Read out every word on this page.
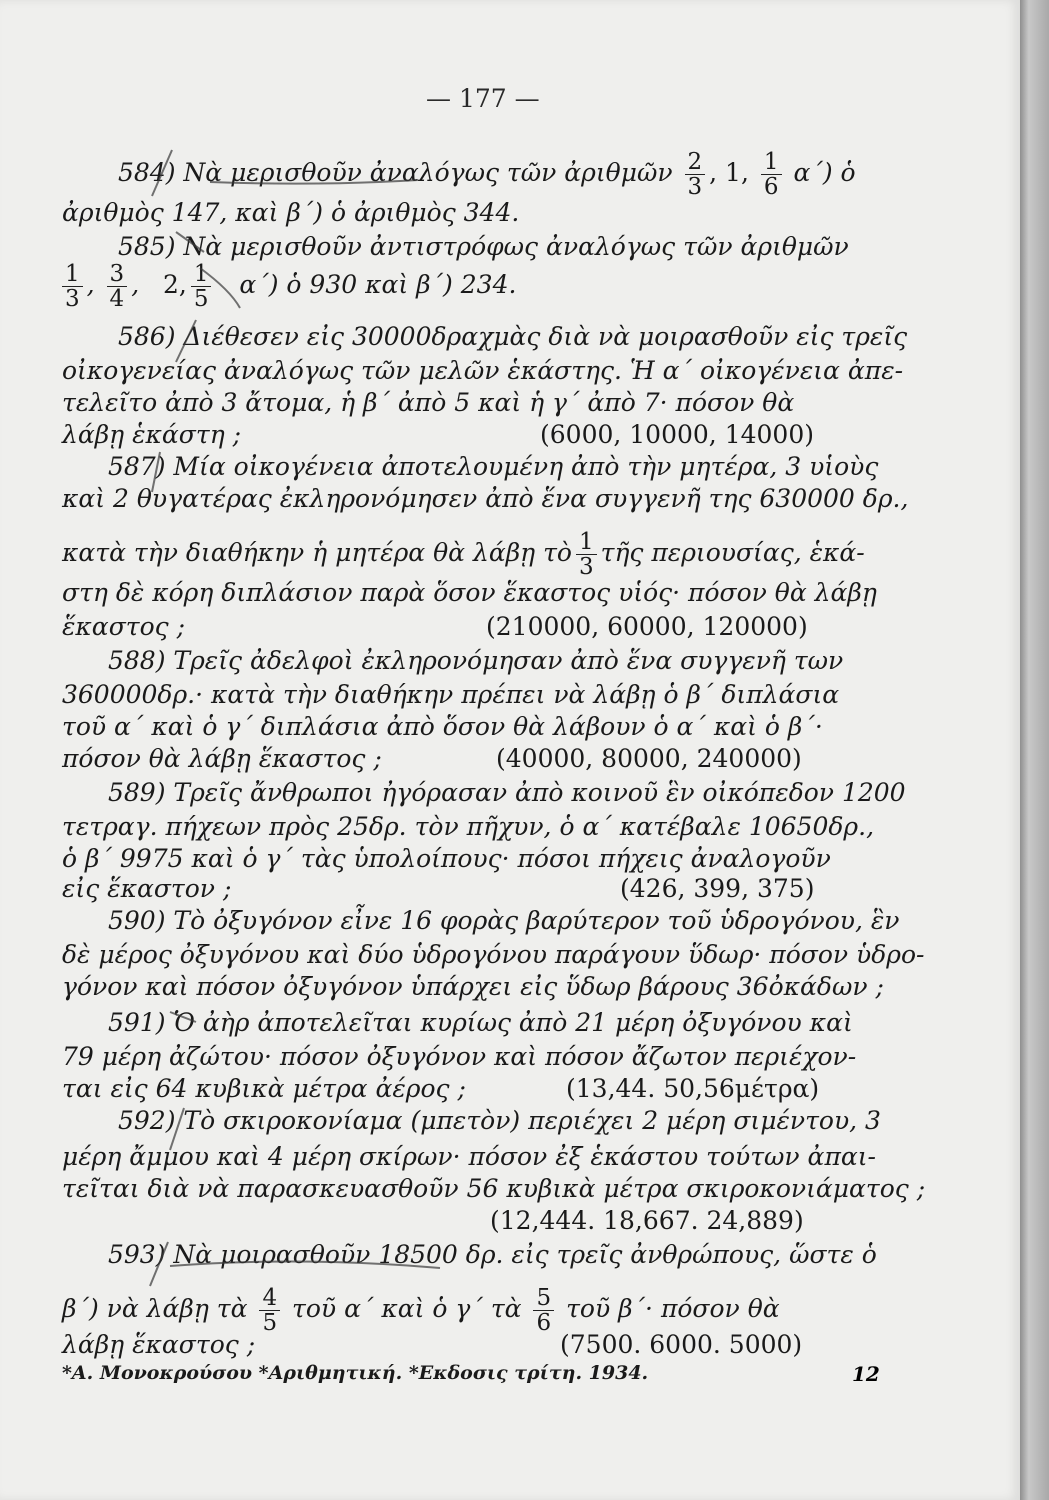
— 177 —
584) Νὰ μερισθοῦν ἀναλόγως τῶν ἀριθμῶν $\frac{2}{3}$ , 1, $\frac{1}{6} \alpha΄$) ὁ
ἀριθμὸς 147, καὶ β΄) ὁ ἀριθμὸς 344.
585) Νὰ μερισθοῦν ἀντιστρόφως ἀναλόγως τῶν ἀριθμῶν
$\frac{1}{3}$ , $\frac{3}{4}$ ,   2, $\frac{1}{5} \alpha΄$) ὁ 930 καὶ β΄) 234.
586) Διέθεσεν εἰς 30000δραχμὰς διὰ νὰ μοιρασθοῦν εἰς τρεῖς
οἰκογενείας ἀναλόγως τῶν μελῶν ἑκάστης. Ἡ α΄ οἰκογένεια ἀπε-
τελεῖτο ἀπὸ 3 ἄτομα, ἡ β΄ ἀπὸ 5 καὶ ἡ γ΄ ἀπὸ 7· πόσον θὰ
λάβῃ ἑκάστη ;	(6000, 10000, 14000)
587) Μία οἰκογένεια ἀποτελουμένη ἀπὸ τὴν μητέρα, 3 υἱοὺς
καὶ 2 θυγατέρας ἐκληρονόμησεν ἀπὸ ἕνα συγγενῆ της 630000 δρ.,
κατὰ τὴν διαθήκην ἡ μητέρα θὰ λάβῃ τὸ $\frac{1}{3}$ τῆς περιουσίας, ἑκά-
στη δὲ κόρη διπλάσιον παρὰ ὅσον ἕκαστος υἱός· πόσον θὰ λάβῃ
ἕκαστος ;	(210000, 60000, 120000)
588) Τρεῖς ἀδελφοὶ ἐκληρονόμησαν ἀπὸ ἕνα συγγενῆ των
360000δρ.· κατὰ τὴν διαθήκην πρέπει νὰ λάβῃ ὁ β΄ διπλάσια
τοῦ α΄ καὶ ὁ γ΄ διπλάσια ἀπὸ ὅσον θὰ λάβουν ὁ α΄ καὶ ὁ β΄·
πόσον θὰ λάβῃ ἕκαστος ;	(40000, 80000, 240000)
589) Τρεῖς ἄνθρωποι ἠγόρασαν ἀπὸ κοινοῦ ἓν οἰκόπεδον 1200
τετραγ. πήχεων πρὸς 25δρ. τὸν πῆχυν, ὁ α΄ κατέβαλε 10650δρ.,
ὁ β΄ 9975 καὶ ὁ γ΄ τὰς ὑπολοίπους· πόσοι πήχεις ἀναλογοῦν
εἰς ἕκαστον ;	(426, 399, 375)
590) Τὸ ὀξυγόνον εἶνε 16 φορὰς βαρύτερον τοῦ ὑδρογόνου, ἓν
δὲ μέρος ὀξυγόνου καὶ δύο ὑδρογόνου παράγουν ὕδωρ· πόσον ὑδρο-
γόνον καὶ πόσον ὀξυγόνον ὑπάρχει εἰς ὕδωρ βάρους 36ὀκάδων ;
591) Ὁ ἀὴρ ἀποτελεῖται κυρίως ἀπὸ 21 μέρη ὀξυγόνου καὶ
79 μέρη ἀζώτου· πόσον ὀξυγόνον καὶ πόσον ἄζωτον περιέχον-
ται εἰς 64 κυβικὰ μέτρα ἀέρος ;	(13,44. 50,56μέτρα)
592) Τὸ σκιροκονίαμα (μπετὸν) περιέχει 2 μέρη σιμέντου, 3
μέρη ἄμμου καὶ 4 μέρη σκίρων· πόσον ἐξ ἑκάστου τούτων ἀπαι-
τεῖται διὰ νὰ παρασκευασθοῦν 56 κυβικὰ μέτρα σκιροκονιάματος ;
(12,444. 18,667. 24,889)
593) Νὰ μοιρασθοῦν 18500 δρ. εἰς τρεῖς ἀνθρώπους, ὥστε ὁ
β΄) νὰ λάβῃ τὰ $\frac{4}{5}$ τοῦ α΄ καὶ ὁ γ΄ τὰ $\frac{5}{6}$ τοῦ β΄· πόσον θὰ
λάβῃ ἕκαστος ;	(7500. 6000. 5000)
*Α. Μονοκρούσου *Αριθμητική. *Εκδοσις τρίτη. 1934.	12
